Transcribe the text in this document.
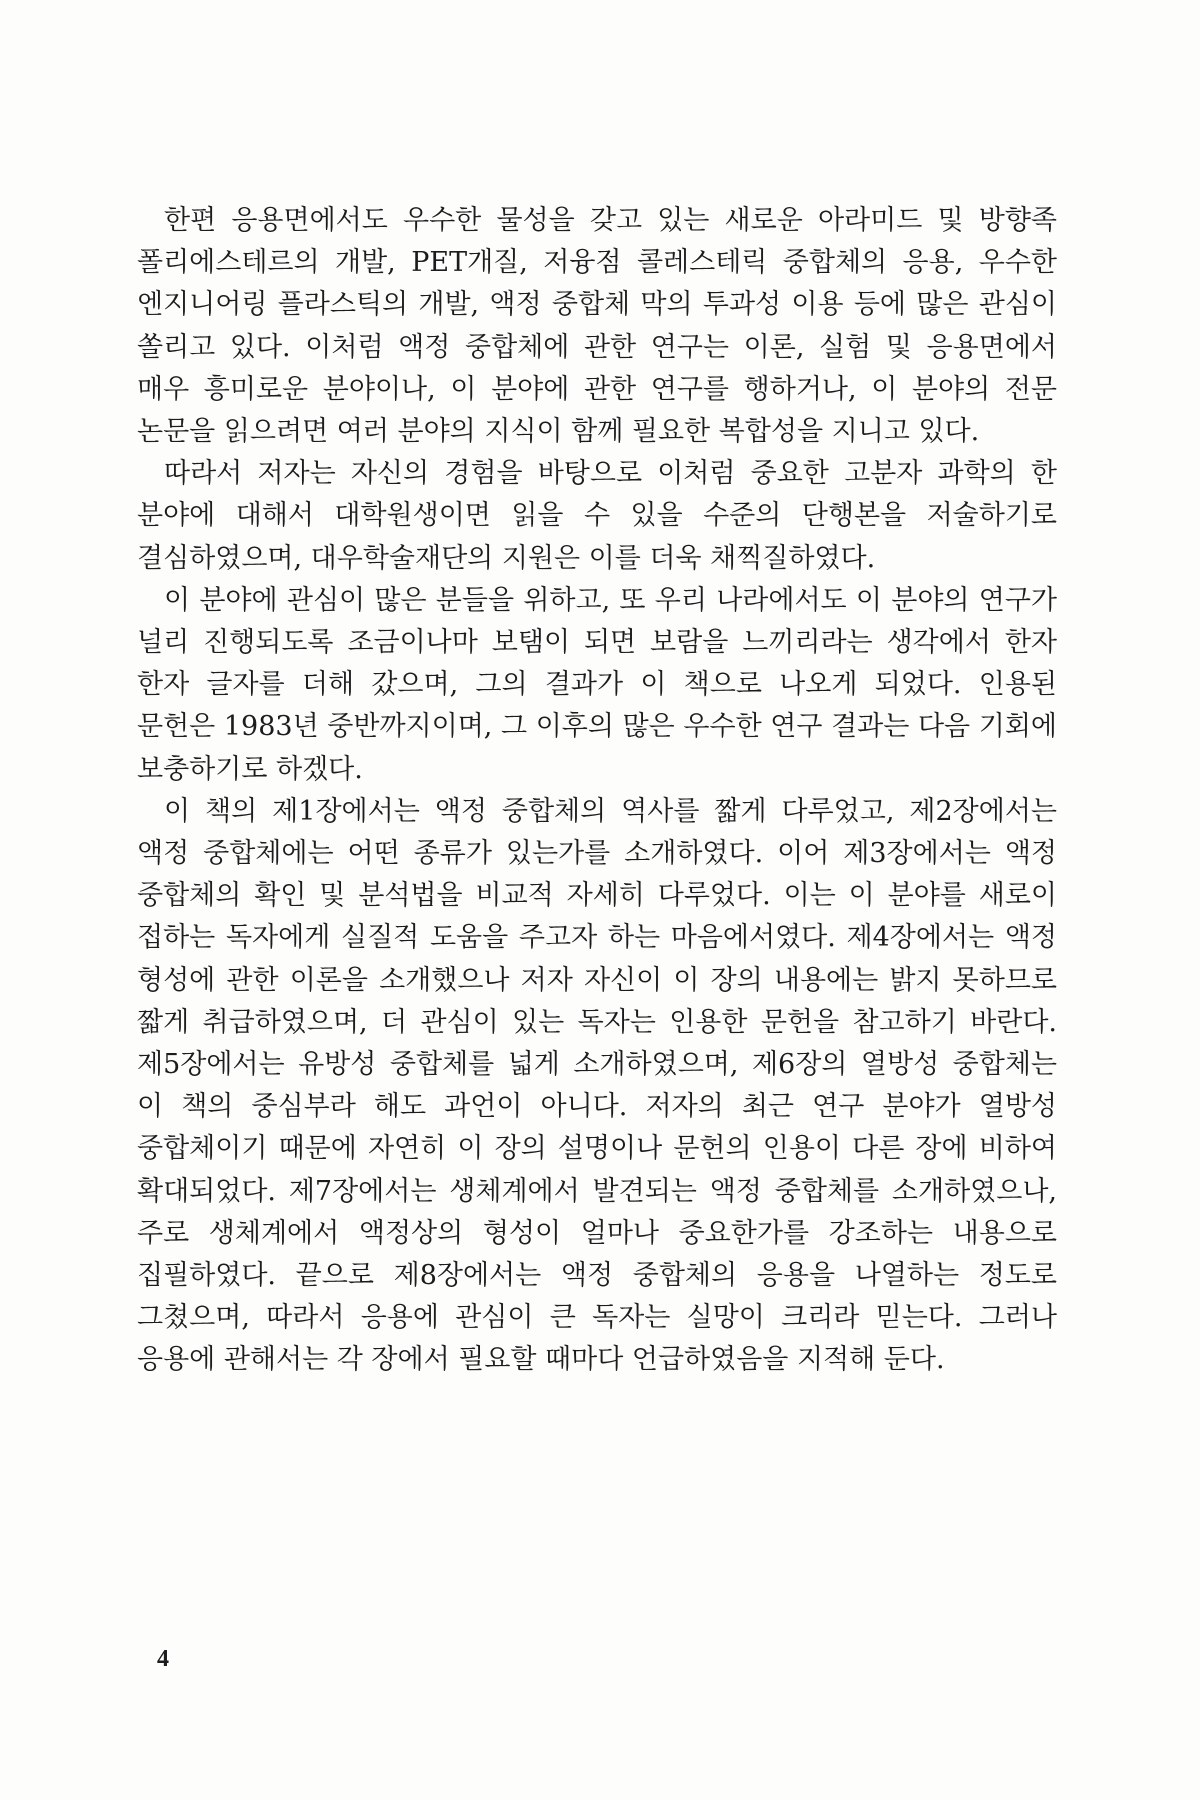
한편 응용면에서도 우수한 물성을 갖고 있는 새로운 아라미드 및 방향족 폴리에스테르의 개발, PET개질, 저융점 콜레스테릭 중합체의 응용, 우수한 엔지니어링 플라스틱의 개발, 액정 중합체 막의 투과성 이용 등에 많은 관심이 쏠리고 있다. 이처럼 액정 중합체에 관한 연구는 이론, 실험 및 응용면에서 매우 흥미로운 분야이나, 이 분야에 관한 연구를 행하거나, 이 분야의 전문 논문을 읽으려면 여러 분야의 지식이 함께 필요한 복합성을 지니고 있다.

따라서 저자는 자신의 경험을 바탕으로 이처럼 중요한 고분자 과학의 한 분야에 대해서 대학원생이면 읽을 수 있을 수준의 단행본을 저술하기로 결심하였으며, 대우학술재단의 지원은 이를 더욱 채찍질하였다.

이 분야에 관심이 많은 분들을 위하고, 또 우리 나라에서도 이 분야의 연구가 널리 진행되도록 조금이나마 보탬이 되면 보람을 느끼리라는 생각에서 한자 한자 글자를 더해 갔으며, 그의 결과가 이 책으로 나오게 되었다. 인용된 문헌은 1983년 중반까지이며, 그 이후의 많은 우수한 연구 결과는 다음 기회에 보충하기로 하겠다.

이 책의 제1장에서는 액정 중합체의 역사를 짧게 다루었고, 제2장에서는 액정 중합체에는 어떤 종류가 있는가를 소개하였다. 이어 제3장에서는 액정 중합체의 확인 및 분석법을 비교적 자세히 다루었다. 이는 이 분야를 새로이 접하는 독자에게 실질적 도움을 주고자 하는 마음에서였다. 제4장에서는 액정 형성에 관한 이론을 소개했으나 저자 자신이 이 장의 내용에는 밝지 못하므로 짧게 취급하였으며, 더 관심이 있는 독자는 인용한 문헌을 참고하기 바란다. 제5장에서는 유방성 중합체를 넓게 소개하였으며, 제6장의 열방성 중합체는 이 책의 중심부라 해도 과언이 아니다. 저자의 최근 연구 분야가 열방성 중합체이기 때문에 자연히 이 장의 설명이나 문헌의 인용이 다른 장에 비하여 확대되었다. 제7장에서는 생체계에서 발견되는 액정 중합체를 소개하였으나, 주로 생체계에서 액정상의 형성이 얼마나 중요한가를 강조하는 내용으로 집필하였다. 끝으로 제8장에서는 액정 중합체의 응용을 나열하는 정도로 그쳤으며, 따라서 응용에 관심이 큰 독자는 실망이 크리라 믿는다. 그러나 응용에 관해서는 각 장에서 필요할 때마다 언급하였음을 지적해 둔다.

4
